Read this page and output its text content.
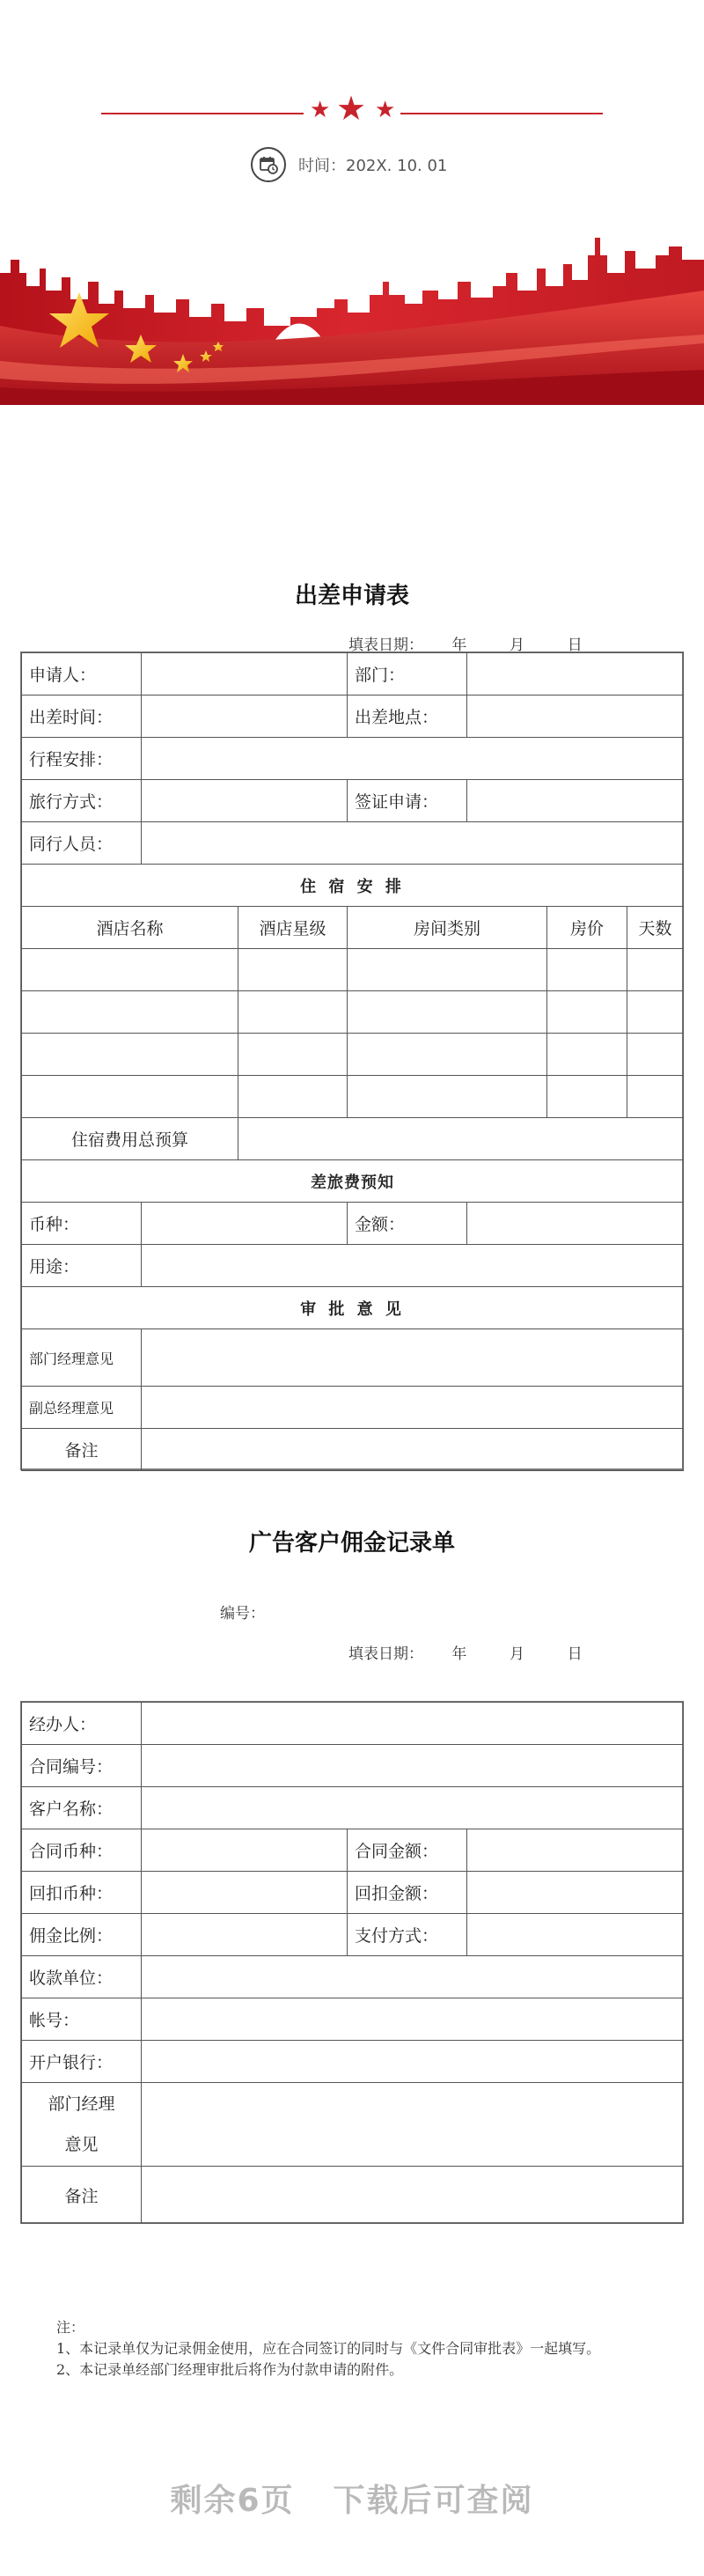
★ ★ ★
时间：202X. 10. 01
出差申请表
填表日期：      年         月         日
申请人：			部门：			
出差时间：			出差地点：			
行程安排：						
旅行方式：			签证申请：			
同行人员：						
住 宿 安 排						
酒店名称		酒店星级	房间类别		房价	天数

住宿费用总预算						
差旅费预知						
币种：			金额：			
用途：						
审 批 意 见						
部门经理意见						
副总经理意见						
备注						
广告客户佣金记录单
编号：
填表日期：      年         月         日
经办人：			
合同编号：			
客户名称：			
合同币种：		合同金额：	
回扣币种：		回扣金额：	
佣金比例：		支付方式：	
收款单位：			
帐号：			
开户银行：			

部门经理
意见			

备注			

注：

1、本记录单仅为记录佣金使用，应在合同签订的同时与《文件合同审批表》一起填写。

2、本记录单经部门经理审批后将作为付款申请的附件。

剩余6页 下载后可查阅
